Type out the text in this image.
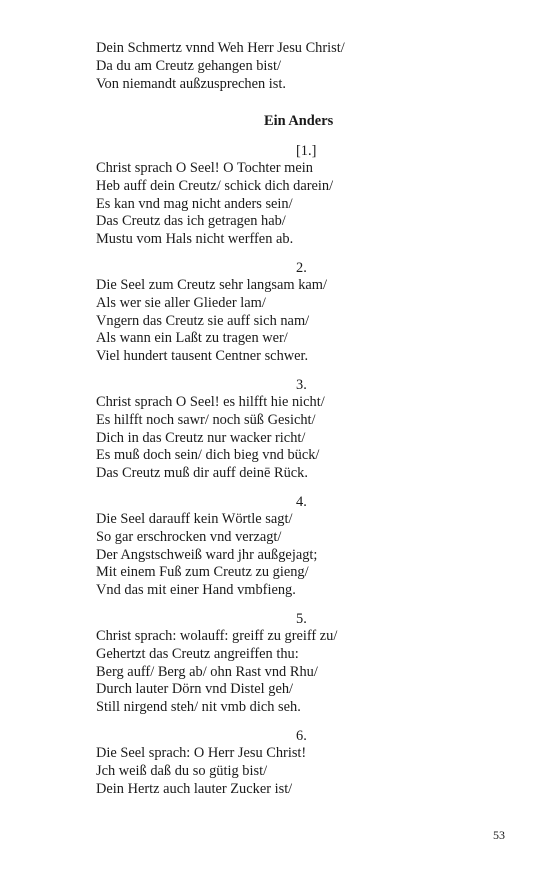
Dein Schmertz vnnd Weh Herr Jesu Christ/
Da du am Creutz gehangen bist/
Von niemandt außzusprechen ist.
Ein Anders
[1.]
Christ sprach O Seel! O Tochter mein
Heb auff dein Creutz/ schick dich darein/
Es kan vnd mag nicht anders sein/
Das Creutz das ich getragen hab/
Mustu vom Hals nicht werffen ab.
2.
Die Seel zum Creutz sehr langsam kam/
Als wer sie aller Glieder lam/
Vngern das Creutz sie auff sich nam/
Als wann ein Laßt zu tragen wer/
Viel hundert tausent Centner schwer.
3.
Christ sprach O Seel! es hilfft hie nicht/
Es hilfft noch sawr/ noch süß Gesicht/
Dich in das Creutz nur wacker richt/
Es muß doch sein/ dich bieg vnd bück/
Das Creutz muß dir auff deinē Rück.
4.
Die Seel darauff kein Wörtle sagt/
So gar erschrocken vnd verzagt/
Der Angstschweiß ward jhr außgejagt;
Mit einem Fuß zum Creutz zu gieng/
Vnd das mit einer Hand vmbfieng.
5.
Christ sprach: wolauff: greiff zu greiff zu/
Gehertzt das Creutz angreiffen thu:
Berg auff/ Berg ab/ ohn Rast vnd Rhu/
Durch lauter Dörn vnd Distel geh/
Still nirgend steh/ nit vmb dich seh.
6.
Die Seel sprach: O Herr Jesu Christ!
Jch weiß daß du so gütig bist/
Dein Hertz auch lauter Zucker ist/
53
